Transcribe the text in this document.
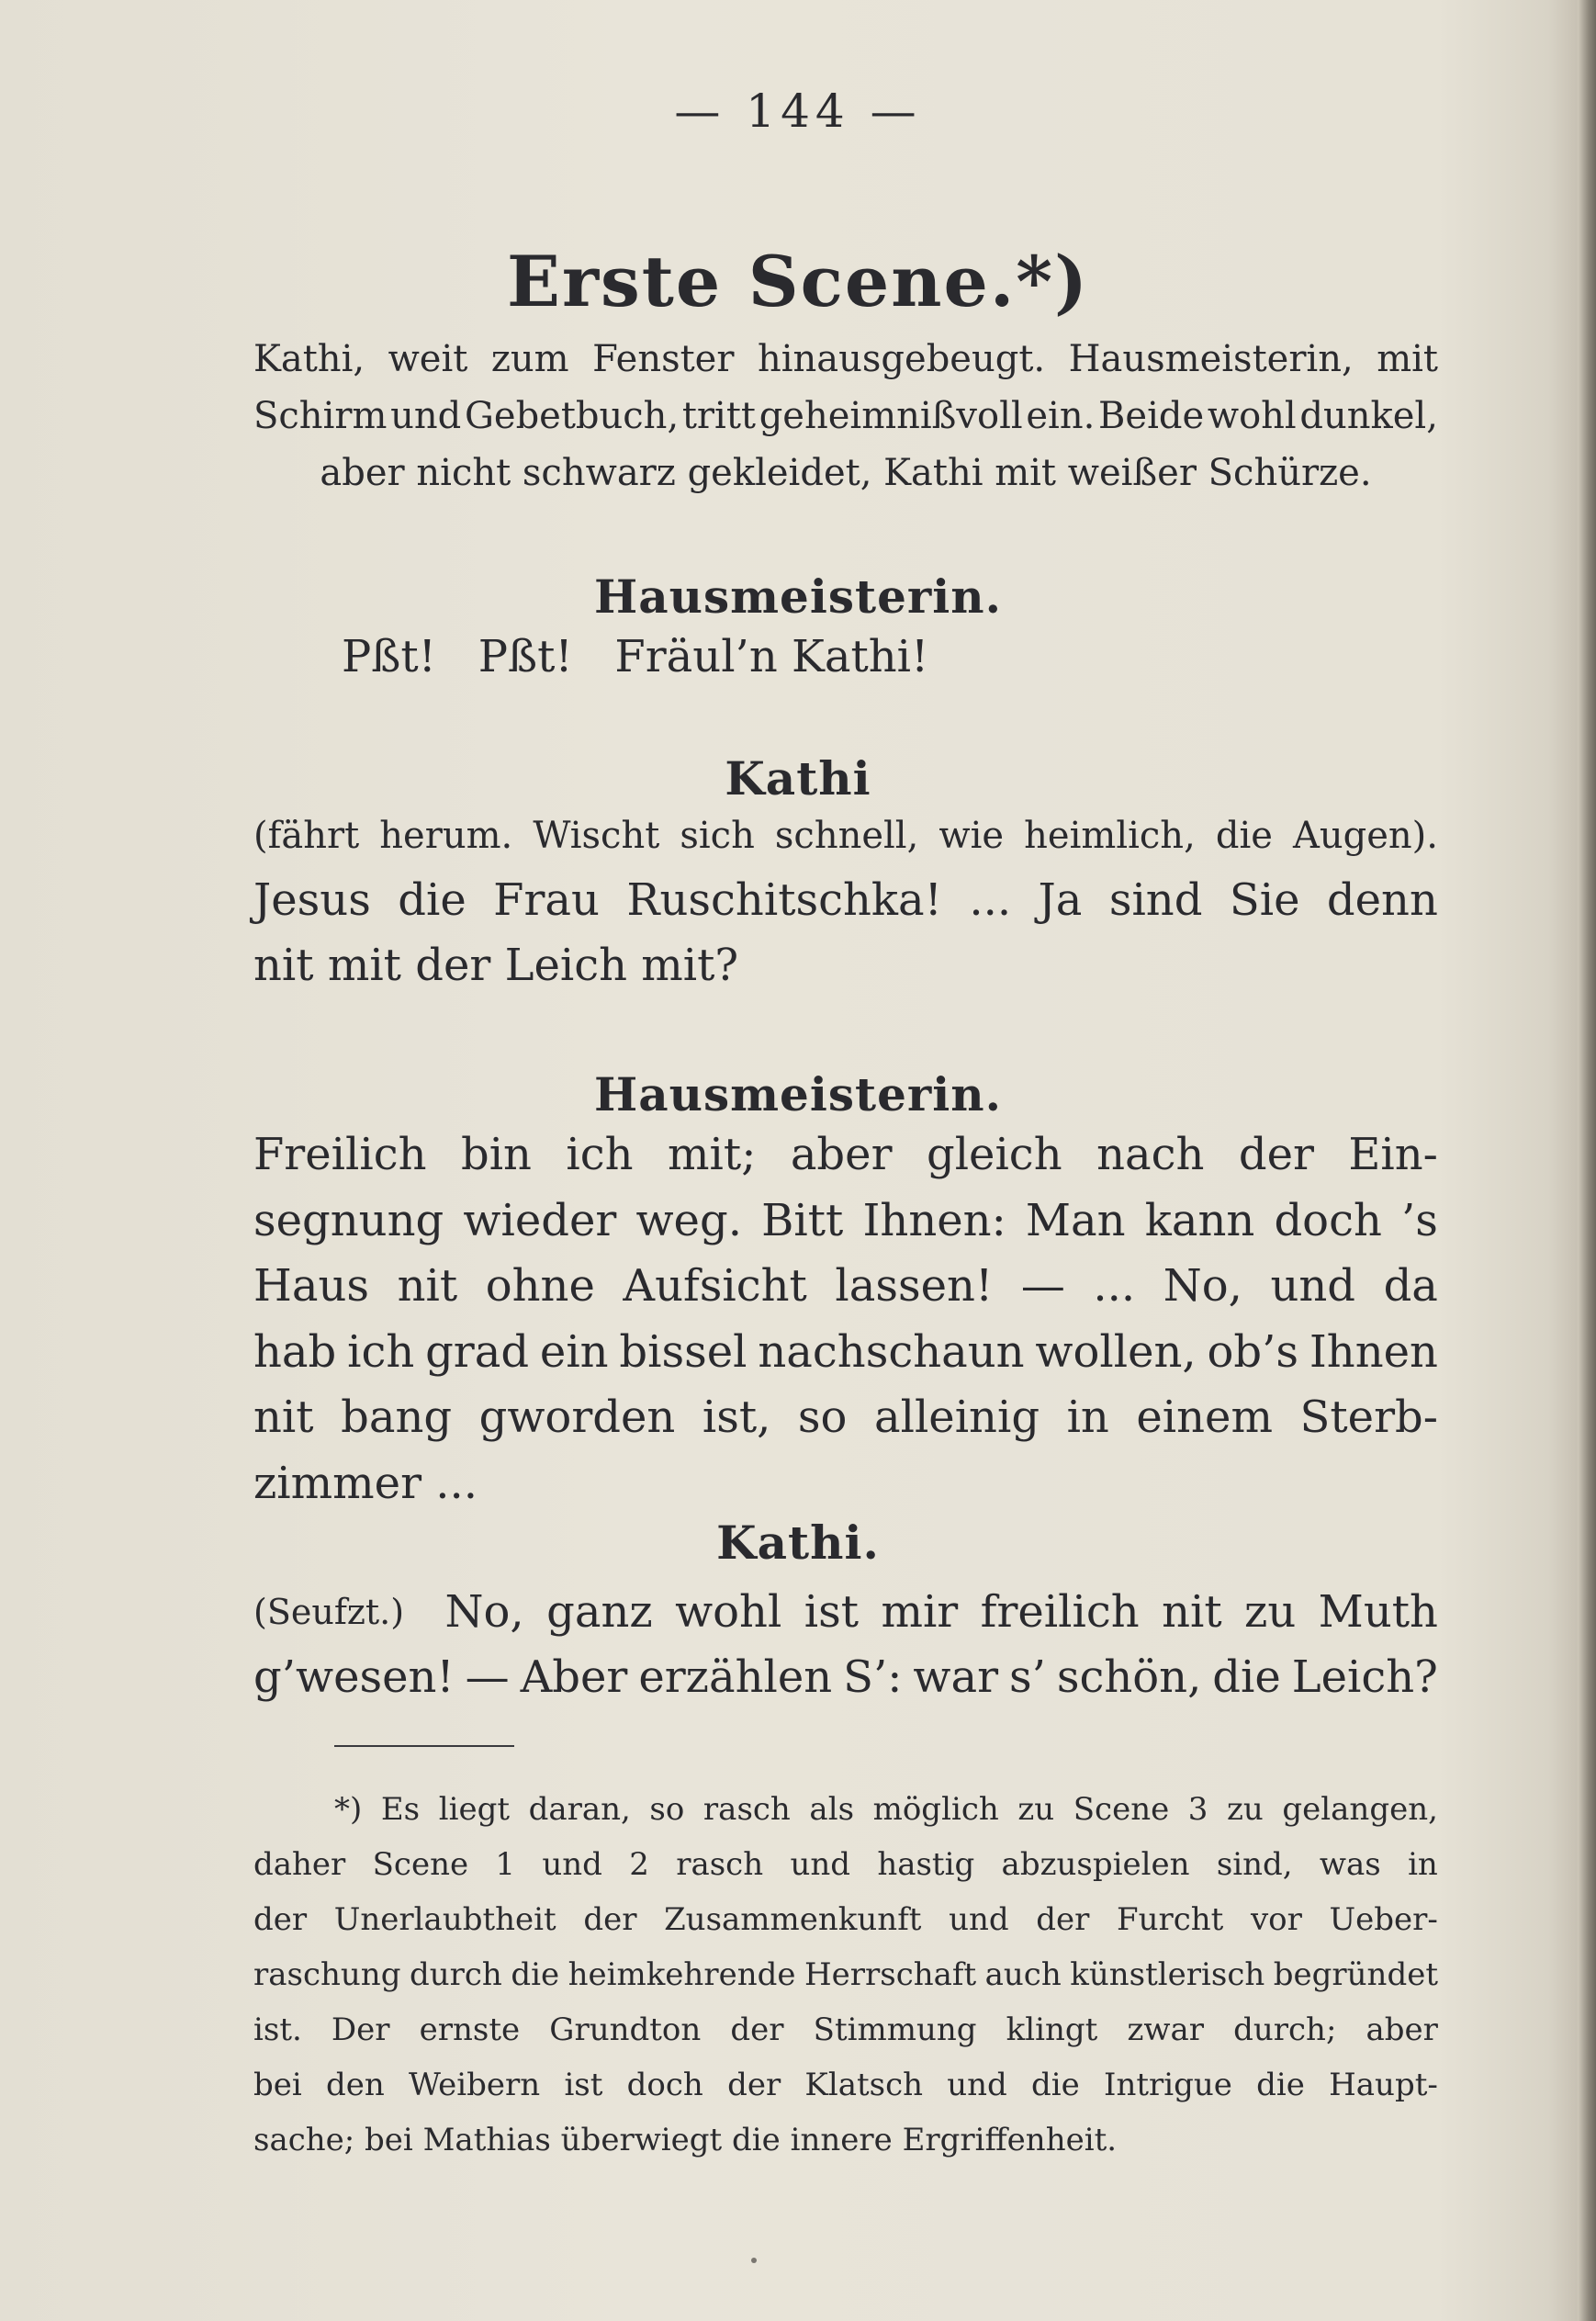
— 144 —
Erste Scene.*)
Kathi, weit zum Fenster hinausgebeugt. Hausmeisterin, mit
Schirm und Gebetbuch, tritt geheimnißvoll ein. Beide wohl dunkel,
aber nicht schwarz gekleidet, Kathi mit weißer Schürze.
Hausmeisterin.
Pßt!   Pßt!   Fräul’n Kathi!
Kathi
(fährt herum. Wischt sich schnell, wie heimlich, die Augen).
Jesus die Frau Ruschitschka! ... Ja sind Sie denn
nit mit der Leich mit?
Hausmeisterin.
Freilich bin ich mit; aber gleich nach der Ein-
segnung wieder weg. Bitt Ihnen: Man kann doch ’s
Haus nit ohne Aufsicht lassen! — ... No, und da
hab ich grad ein bissel nachschaun wollen, ob’s Ihnen
nit bang gworden ist, so alleinig in einem Sterb-
zimmer ...
Kathi.
(Seufzt.) No, ganz wohl ist mir freilich nit zu Muth
g’wesen! — Aber erzählen S’: war s’ schön, die Leich?
*) Es liegt daran, so rasch als möglich zu Scene 3 zu gelangen,
daher Scene 1 und 2 rasch und hastig abzuspielen sind, was in
der Unerlaubtheit der Zusammenkunft und der Furcht vor Ueber-
raschung durch die heimkehrende Herrschaft auch künstlerisch begründet
ist. Der ernste Grundton der Stimmung klingt zwar durch; aber
bei den Weibern ist doch der Klatsch und die Intrigue die Haupt-
sache; bei Mathias überwiegt die innere Ergriffenheit.
